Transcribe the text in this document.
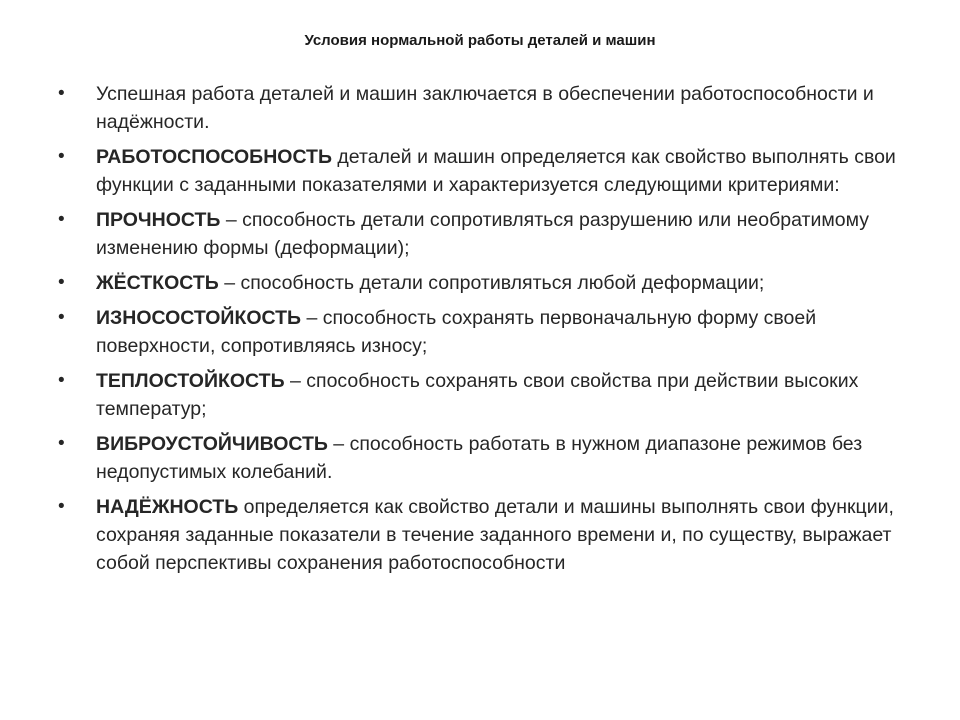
Условия нормальной работы деталей и машин
•	Успешная работа деталей и машин заключается в обеспечении работоспособности и надёжности.
•	РАБОТОСПОСОБНОСТЬ деталей и машин определяется как свойство выполнять свои функции с заданными показателями и характеризуется следующими критериями:
•	ПРОЧНОСТЬ – способность детали сопротивляться разрушению или необратимому изменению формы (деформации);
•	ЖЁСТКОСТЬ – способность детали сопротивляться любой деформации;
•	ИЗНОСОСТОЙКОСТЬ – способность сохранять первоначальную форму своей поверхности, сопротивляясь износу;
•	ТЕПЛОСТОЙКОСТЬ – способность сохранять свои свойства при действии высоких температур;
•	ВИБРОУСТОЙЧИВОСТЬ – способность работать в нужном диапазоне режимов без недопустимых колебаний.
•	НАДЁЖНОСТЬ определяется как свойство детали и машины выполнять свои функции, сохраняя заданные показатели в течение заданного времени и, по существу, выражает собой перспективы сохранения работоспособности
